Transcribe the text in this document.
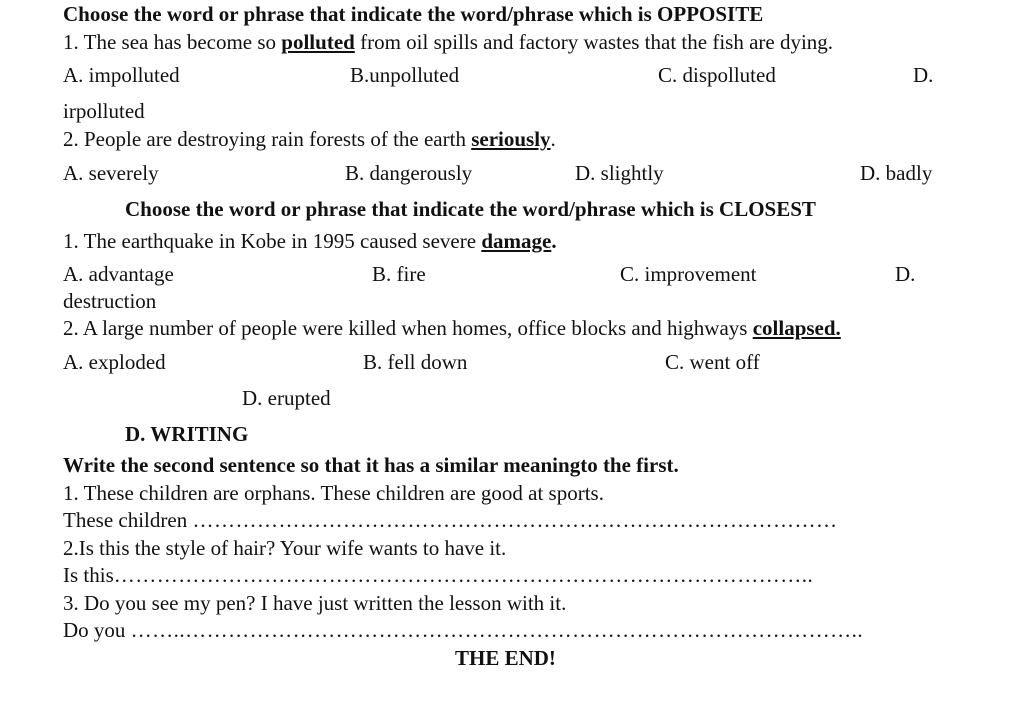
Choose the word or phrase that indicate the word/phrase which is OPPOSITE
1. The sea has become so polluted from oil spills and factory wastes that the fish are dying.
A. impolluted	B.unpolluted	C. dispolluted	D.
irpolluted
2. People are destroying rain forests of the earth seriously.
A. severely	B. dangerously	D. slightly	D. badly
Choose the word or phrase that indicate the word/phrase which is CLOSEST
1. The earthquake in Kobe in 1995 caused severe damage.
A. advantage	B. fire	C. improvement	D.
destruction
2. A large number of people were killed when homes, office blocks and highways collapsed.
A. exploded	B. fell down	C. went off
D. erupted
D. WRITING
Write the second sentence so that it has a similar meaningto the first.
1. These children are orphans. These children are good at sports.
These children ………………………………………………………………………………
2.Is this the style of hair? Your wife wants to have it.
Is this……………………………………………………………………………………..
3. Do you see my pen? I have just written the lesson with it.
Do you ……..…………………………………………………………………………………..
THE END!
